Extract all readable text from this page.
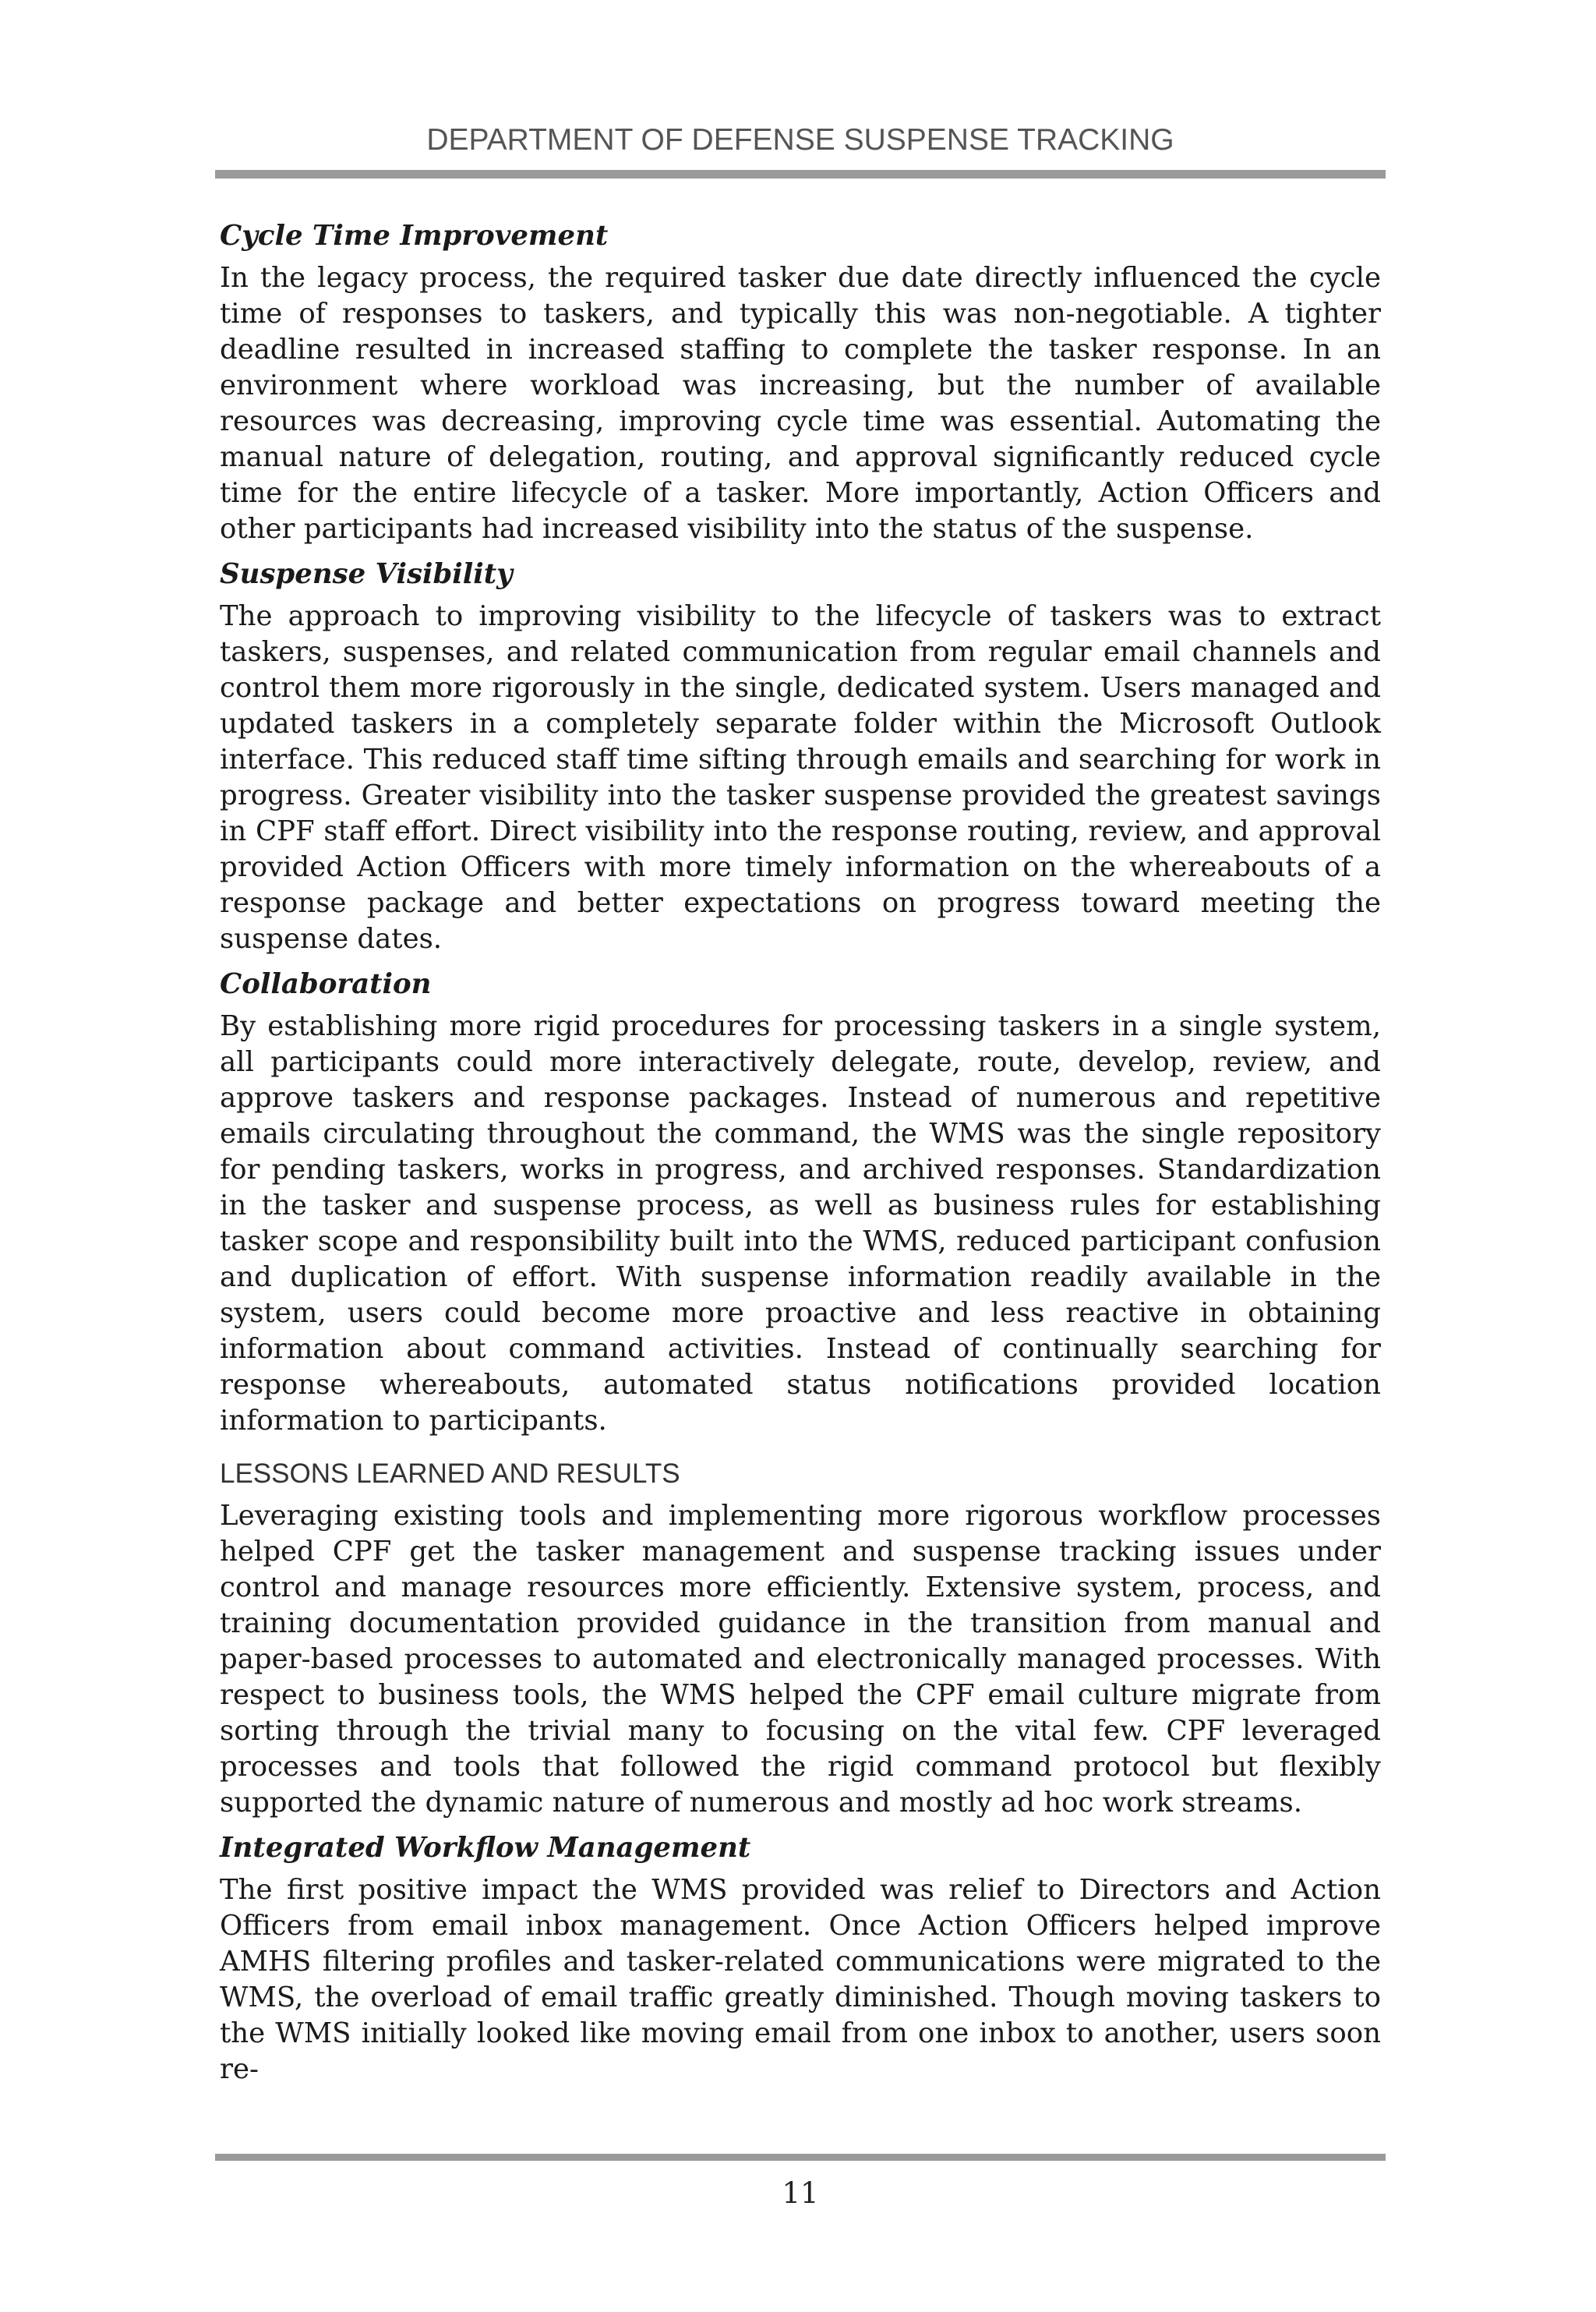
DEPARTMENT OF DEFENSE SUSPENSE TRACKING
Cycle Time Improvement

In the legacy process, the required tasker due date directly influenced the cycle time of responses to taskers, and typically this was non-negotiable. A tighter deadline resulted in increased staffing to complete the tasker response. In an environment where workload was increasing, but the number of available resources was decreasing, improving cycle time was essential. Automating the manual nature of delegation, routing, and approval significantly reduced cycle time for the entire lifecycle of a tasker. More importantly, Action Officers and other participants had increased visibility into the status of the suspense.

Suspense Visibility

The approach to improving visibility to the lifecycle of taskers was to extract taskers, suspenses, and related communication from regular email channels and control them more rigorously in the single, dedicated system. Users managed and updated taskers in a completely separate folder within the Microsoft Outlook interface. This reduced staff time sifting through emails and searching for work in progress. Greater visibility into the tasker suspense provided the greatest savings in CPF staff effort. Direct visibility into the response routing, review, and approval provided Action Officers with more timely information on the whereabouts of a response package and better expectations on progress toward meeting the suspense dates.

Collaboration

By establishing more rigid procedures for processing taskers in a single system, all participants could more interactively delegate, route, develop, review, and approve taskers and response packages. Instead of numerous and repetitive emails circulating throughout the command, the WMS was the single repository for pending taskers, works in progress, and archived responses. Standardization in the tasker and suspense process, as well as business rules for establishing tasker scope and responsibility built into the WMS, reduced participant confusion and duplication of effort. With suspense information readily available in the system, users could become more proactive and less reactive in obtaining information about command activities. Instead of continually searching for response whereabouts, automated status notifications provided location information to participants.

LESSONS LEARNED AND RESULTS

Leveraging existing tools and implementing more rigorous workflow processes helped CPF get the tasker management and suspense tracking issues under control and manage resources more efficiently. Extensive system, process, and training documentation provided guidance in the transition from manual and paper-based processes to automated and electronically managed processes. With respect to business tools, the WMS helped the CPF email culture migrate from sorting through the trivial many to focusing on the vital few. CPF leveraged processes and tools that followed the rigid command protocol but flexibly supported the dynamic nature of numerous and mostly ad hoc work streams.

Integrated Workflow Management

The first positive impact the WMS provided was relief to Directors and Action Officers from email inbox management. Once Action Officers helped improve AMHS filtering profiles and tasker-related communications were migrated to the WMS, the overload of email traffic greatly diminished. Though moving taskers to the WMS initially looked like moving email from one inbox to another, users soon re-

11
